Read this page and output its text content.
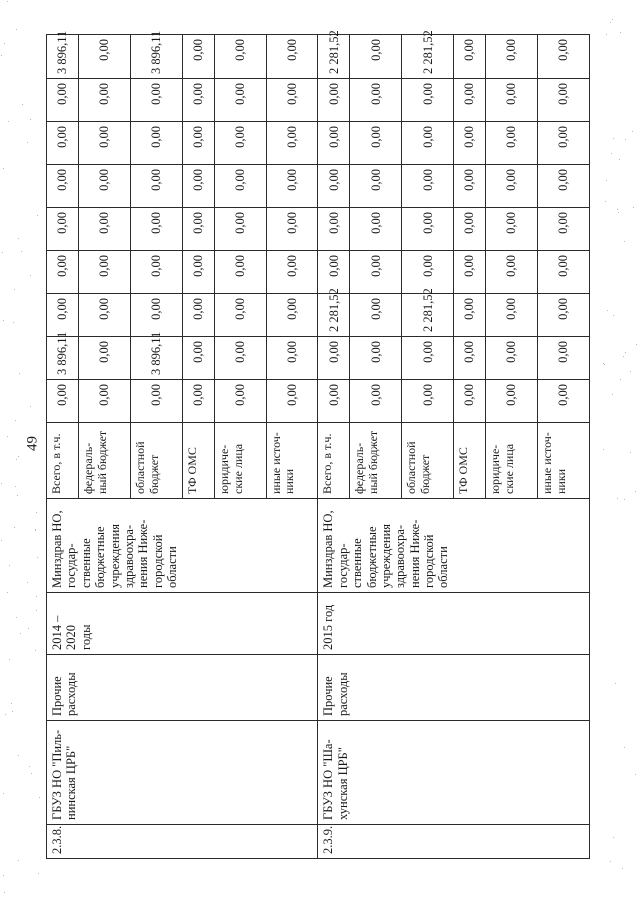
49
2.3.8.	ГБУЗ НО "Пиль-нинская ЦРБ"	Прочие расходы	2014 – 2020 годы	Минздрав НО, государ-ственные бюджетные учреждения здравоохра-нения Ниже-городской области	Всего, в т.ч.	0,00	3 896,11	0,00	0,00	0,00	0,00	0,00	0,00	3 896,11
					федераль-ный бюджет	0,00	0,00	0,00	0,00	0,00	0,00	0,00	0,00	0,00
					областной бюджет	0,00	3 896,11	0,00	0,00	0,00	0,00	0,00	0,00	3 896,11
					ТФ ОМС	0,00	0,00	0,00	0,00	0,00	0,00	0,00	0,00	0,00
					юридиче-ские лица	0,00	0,00	0,00	0,00	0,00	0,00	0,00	0,00	0,00
					иные источ-ники	0,00	0,00	0,00	0,00	0,00	0,00	0,00	0,00	0,00
2.3.9.	ГБУЗ НО "Ша-хунская ЦРБ"	Прочие расходы	2015 год	Минздрав НО, государ-ственные бюджетные учреждения здравоохра-нения Ниже-городской области	Всего, в т.ч.	0,00	0,00	2 281,52	0,00	0,00	0,00	0,00	0,00	2 281,52
					федераль-ный бюджет	0,00	0,00	0,00	0,00	0,00	0,00	0,00	0,00	0,00
					областной бюджет	0,00	0,00	2 281,52	0,00	0,00	0,00	0,00	0,00	2 281,52
					ТФ ОМС	0,00	0,00	0,00	0,00	0,00	0,00	0,00	0,00	0,00
					юридиче-ские лица	0,00	0,00	0,00	0,00	0,00	0,00	0,00	0,00	0,00
					иные источ-ники	0,00	0,00	0,00	0,00	0,00	0,00	0,00	0,00	0,00
